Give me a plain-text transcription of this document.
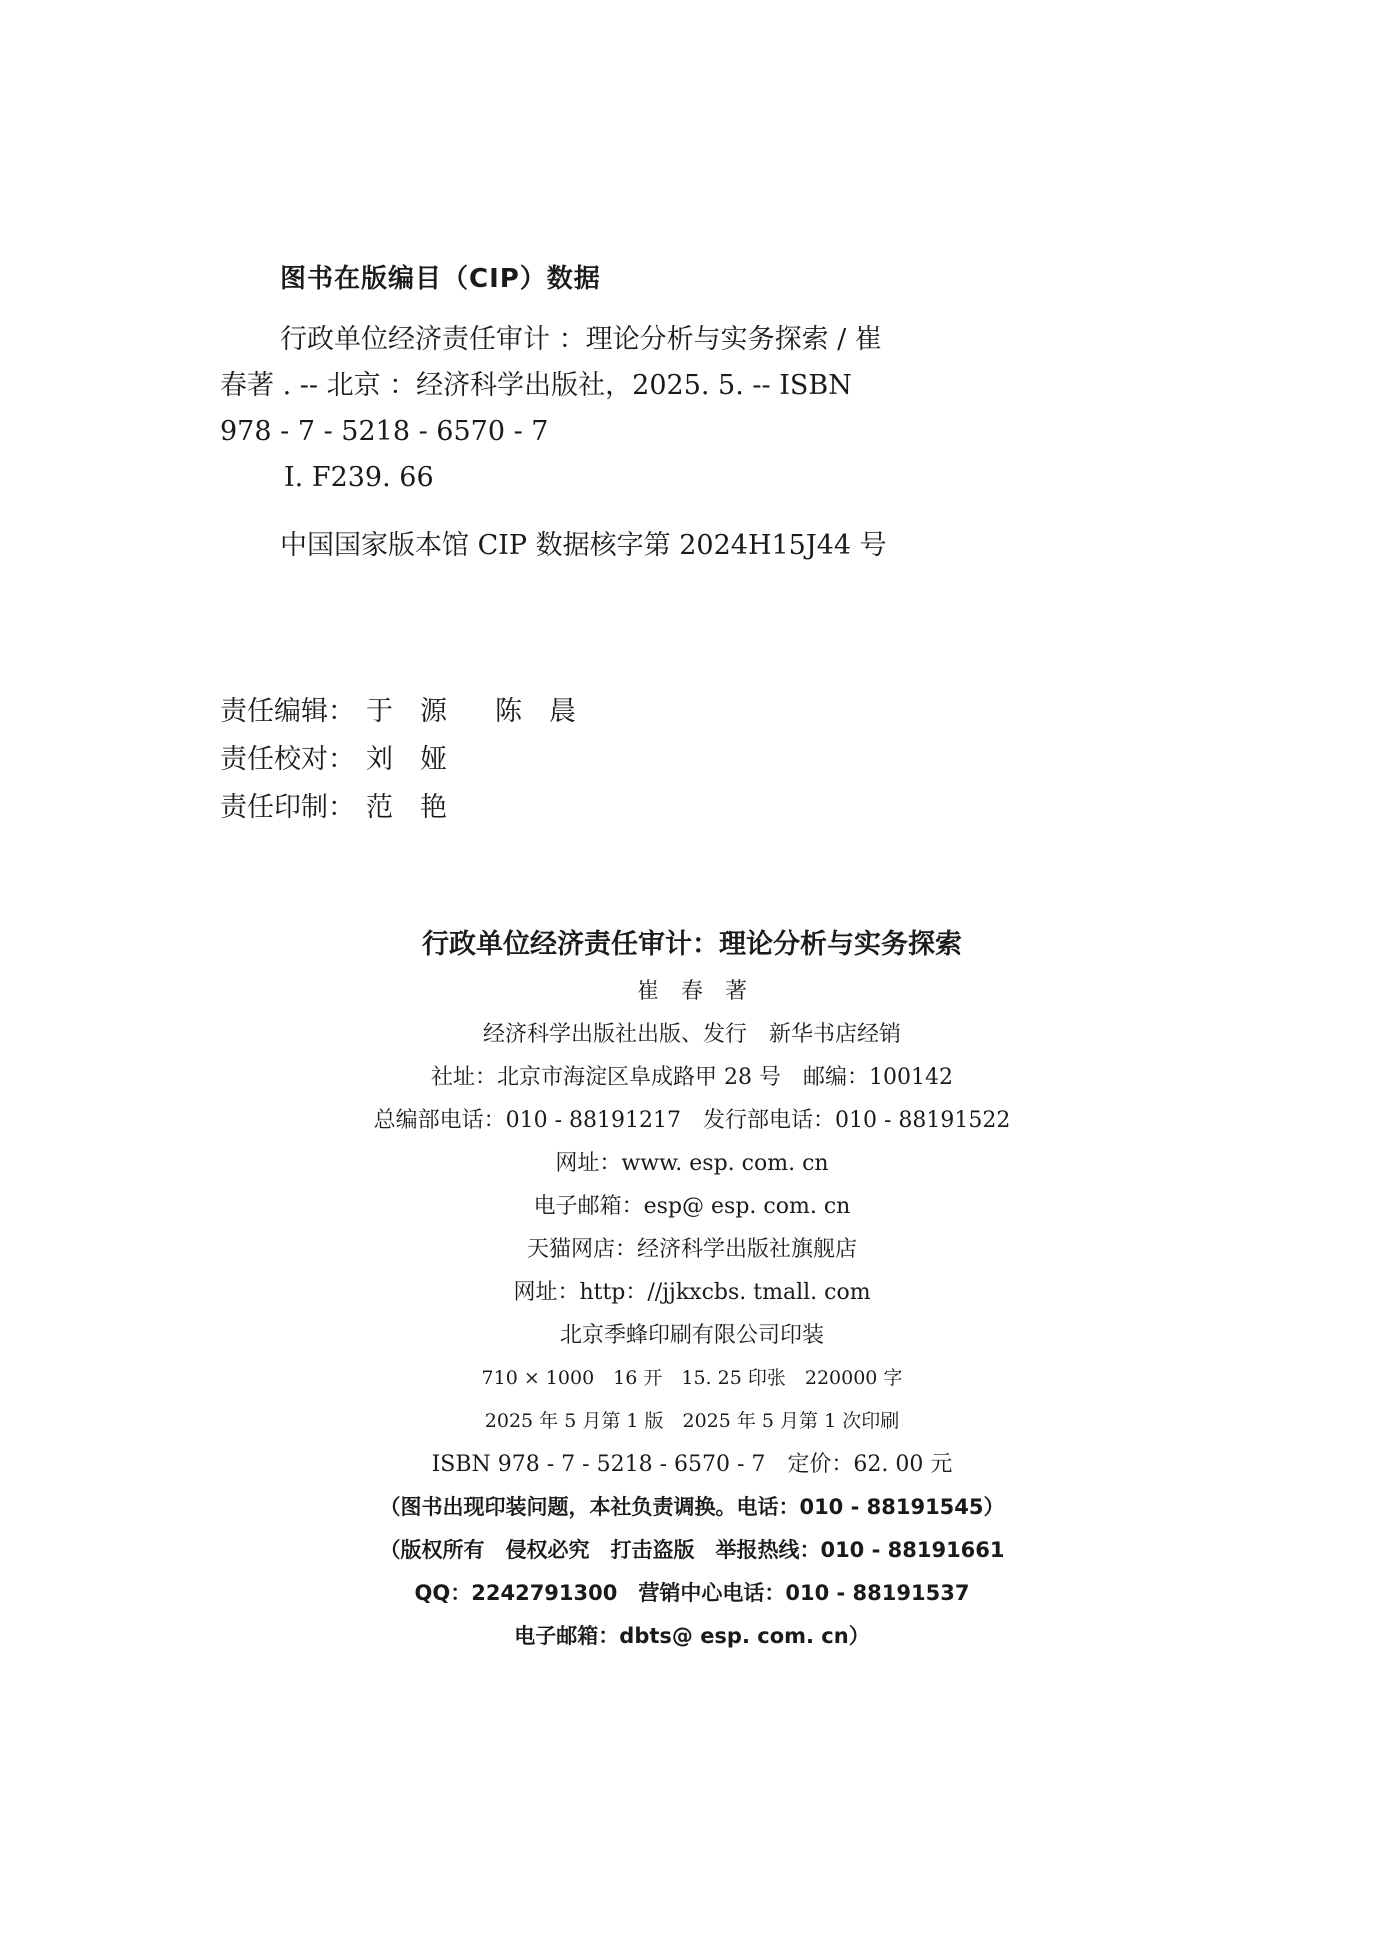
图书在版编目（CIP）数据
行政单位经济责任审计 ：理论分析与实务探索 / 崔
春著 . -- 北京 ：经济科学出版社，2025. 5. -- ISBN
978 - 7 - 5218 - 6570 - 7
Ⅰ. F239. 66
中国国家版本馆 CIP 数据核字第 2024H15J44 号
责任编辑： 于　源 陈　晨
责任校对： 刘　娅
责任印制： 范　艳
行政单位经济责任审计：理论分析与实务探索
崔　春　著
经济科学出版社出版、发行　新华书店经销
社址：北京市海淀区阜成路甲 28 号　邮编：100142
总编部电话：010 - 88191217　发行部电话：010 - 88191522
网址：www. esp. com. cn
电子邮箱：esp@ esp. com. cn
天猫网店：经济科学出版社旗舰店
网址：http：//jjkxcbs. tmall. com
北京季蜂印刷有限公司印装
710 × 1000　16 开　15. 25 印张　220000 字
2025 年 5 月第 1 版　2025 年 5 月第 1 次印刷
ISBN 978 - 7 - 5218 - 6570 - 7　定价：62. 00 元
（图书出现印装问题，本社负责调换。电话：010 - 88191545）
（版权所有　侵权必究　打击盗版　举报热线：010 - 88191661
QQ：2242791300　营销中心电话：010 - 88191537
电子邮箱：dbts@ esp. com. cn）
